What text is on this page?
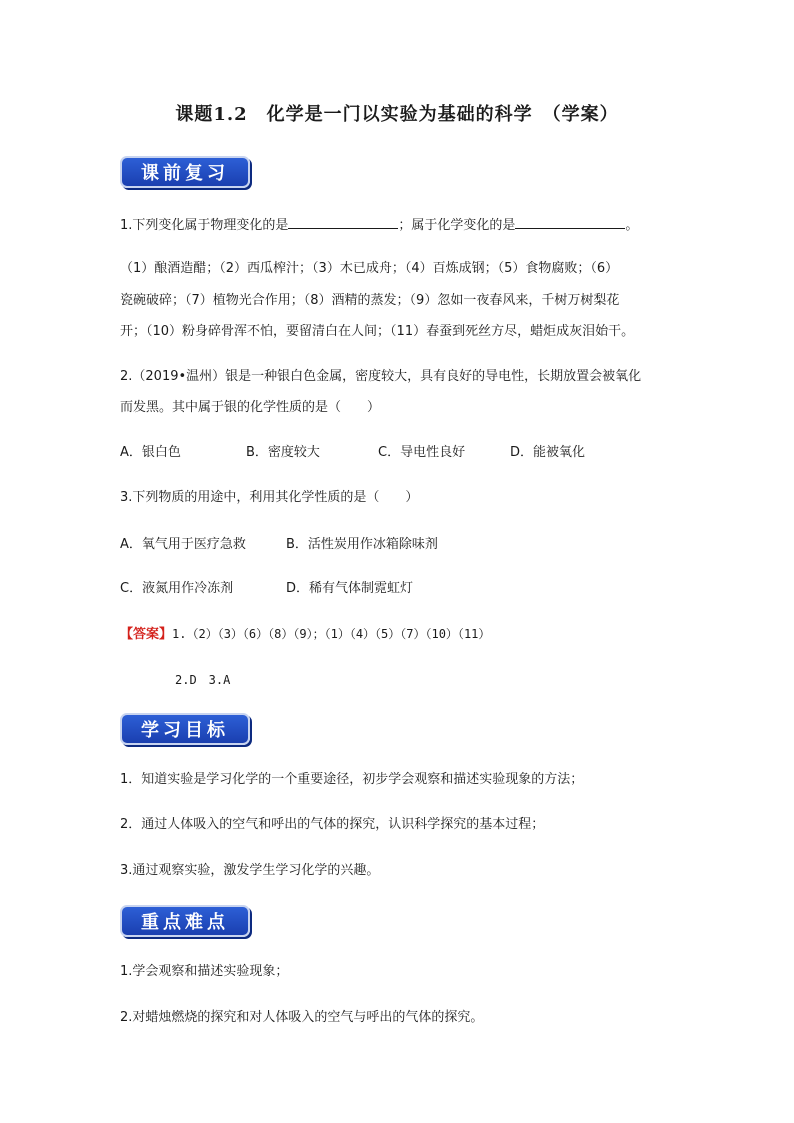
课题1.2　化学是一门以实验为基础的科学　（学案）
课前复习
1.下列变化属于物理变化的是	；属于化学变化的是	。
（1）酿酒造醋；（2）西瓜榨汁；（3）木已成舟；（4）百炼成钢；（5）食物腐败；（6）
瓷碗破碎；（7）植物光合作用；（8）酒精的蒸发；（9）忽如一夜春风来，千树万树梨花
开；（10）粉身碎骨浑不怕，要留清白在人间；（11）春蚕到死丝方尽，蜡炬成灰泪始干。
2.（2019•温州）银是一种银白色金属，密度较大，具有良好的导电性，长期放置会被氧化
而发黑。其中属于银的化学性质的是（　　）
A．银白色	B．密度较大	C．导电性良好	D．能被氧化
3.下列物质的用途中，利用其化学性质的是（　　）
A．氧气用于医疗急救	B．活性炭用作冰箱除味剂
C．液氮用作冷冻剂	D．稀有气体制霓虹灯
【答案】1.（2）（3）（6）（8）（9）；（1）（4）（5）（7）（10）（11）
2.D　3.A
学习目标
1．知道实验是学习化学的一个重要途径，初步学会观察和描述实验现象的方法；
2．通过人体吸入的空气和呼出的气体的探究，认识科学探究的基本过程；
3.通过观察实验，激发学生学习化学的兴趣。
重点难点
1.学会观察和描述实验现象；
2.对蜡烛燃烧的探究和对人体吸入的空气与呼出的气体的探究。
